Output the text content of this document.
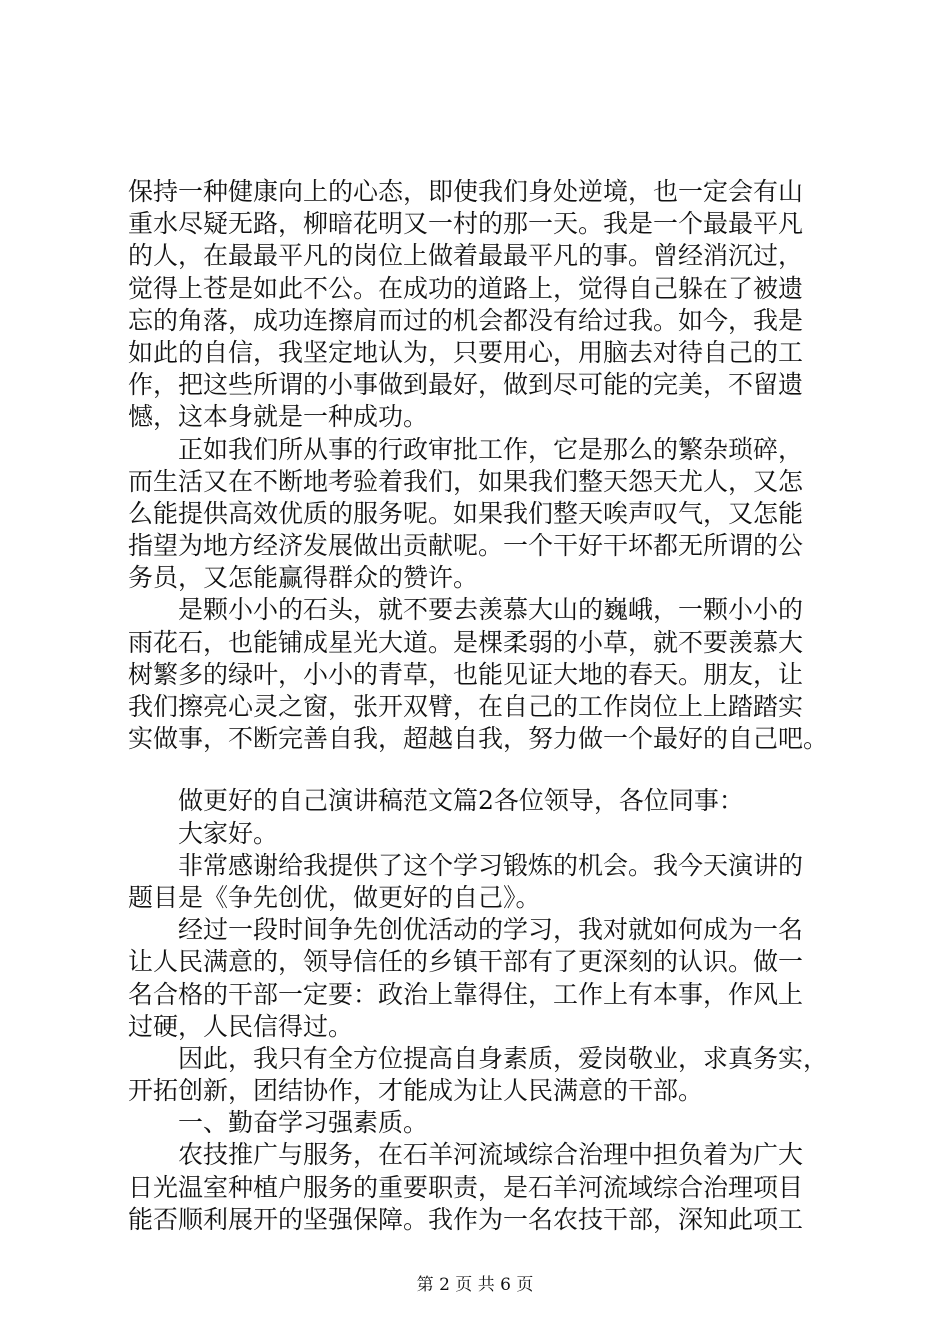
保持一种健康向上的心态，即使我们身处逆境，也一定会有山
重水尽疑无路，柳暗花明又一村的那一天。我是一个最最平凡
的人，在最最平凡的岗位上做着最最平凡的事。曾经消沉过，
觉得上苍是如此不公。在成功的道路上，觉得自己躲在了被遗
忘的角落，成功连擦肩而过的机会都没有给过我。如今，我是
如此的自信，我坚定地认为，只要用心，用脑去对待自己的工
作，把这些所谓的小事做到最好，做到尽可能的完美，不留遗
憾，这本身就是一种成功。
　　正如我们所从事的行政审批工作，它是那么的繁杂琐碎，
而生活又在不断地考验着我们，如果我们整天怨天尤人，又怎
么能提供高效优质的服务呢。如果我们整天唉声叹气，又怎能
指望为地方经济发展做出贡献呢。一个干好干坏都无所谓的公
务员，又怎能赢得群众的赞许。
　　是颗小小的石头，就不要去羡慕大山的巍峨，一颗小小的
雨花石，也能铺成星光大道。是棵柔弱的小草，就不要羡慕大
树繁多的绿叶，小小的青草，也能见证大地的春天。朋友，让
我们擦亮心灵之窗，张开双臂，在自己的工作岗位上上踏踏实
实做事，不断完善自我，超越自我，努力做一个最好的自己吧。
　　做更好的自己演讲稿范文篇2各位领导，各位同事：
　　大家好。
　　非常感谢给我提供了这个学习锻炼的机会。我今天演讲的
题目是《争先创优，做更好的自己》。
　　经过一段时间争先创优活动的学习，我对就如何成为一名
让人民满意的，领导信任的乡镇干部有了更深刻的认识。做一
名合格的干部一定要：政治上靠得住，工作上有本事，作风上
过硬，人民信得过。
　　因此，我只有全方位提高自身素质，爱岗敬业，求真务实，
开拓创新，团结协作，才能成为让人民满意的干部。
　　一、勤奋学习强素质。
　　农技推广与服务，在石羊河流域综合治理中担负着为广大
日光温室种植户服务的重要职责，是石羊河流域综合治理项目
能否顺利展开的坚强保障。我作为一名农技干部，深知此项工
第 2 页 共 6 页
